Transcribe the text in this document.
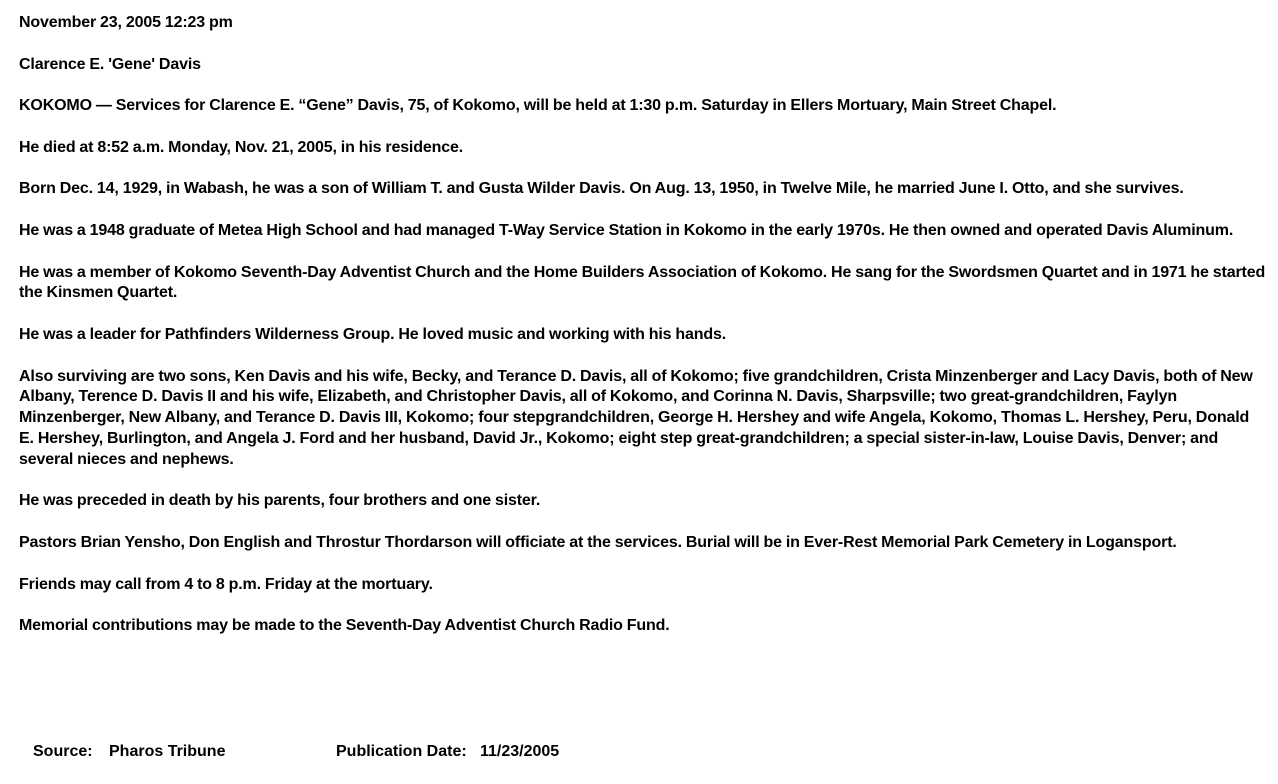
November 23, 2005 12:23 pm

Clarence E. 'Gene' Davis

KOKOMO — Services for Clarence E. “Gene” Davis, 75, of Kokomo, will be held at 1:30 p.m. Saturday in Ellers Mortuary, Main Street Chapel.

He died at 8:52 a.m. Monday, Nov. 21, 2005, in his residence.

Born Dec. 14, 1929, in Wabash, he was a son of William T. and Gusta Wilder Davis. On Aug. 13, 1950, in Twelve Mile, he married June I. Otto, and she survives.

He was a 1948 graduate of Metea High School and had managed T-Way Service Station in Kokomo in the early 1970s. He then owned and operated Davis Aluminum.

He was a member of Kokomo Seventh-Day Adventist Church and the Home Builders Association of Kokomo. He sang for the Swordsmen Quartet and in 1971 he started the Kinsmen Quartet.

He was a leader for Pathfinders Wilderness Group. He loved music and working with his hands.

Also surviving are two sons, Ken Davis and his wife, Becky, and Terance D. Davis, all of Kokomo; five grandchildren, Crista Minzenberger and Lacy Davis, both of New Albany, Terence D. Davis II and his wife, Elizabeth, and Christopher Davis, all of Kokomo, and Corinna N. Davis, Sharpsville; two great-grandchildren, Faylyn Minzenberger, New Albany, and Terance D. Davis III, Kokomo; four stepgrandchildren, George H. Hershey and wife Angela, Kokomo, Thomas L. Hershey, Peru, Donald E. Hershey, Burlington, and Angela J. Ford and her husband, David Jr., Kokomo; eight step great-grandchildren; a special sister-in-law, Louise Davis, Denver; and several nieces and nephews.

He was preceded in death by his parents, four brothers and one sister.

Pastors Brian Yensho, Don English and Throstur Thordarson will officiate at the services. Burial will be in Ever-Rest Memorial Park Cemetery in Logansport.

Friends may call from 4 to 8 p.m. Friday at the mortuary.

Memorial contributions may be made to the Seventh-Day Adventist Church Radio Fund.

Source: Pharos Tribune	Publication Date: 11/23/2005
